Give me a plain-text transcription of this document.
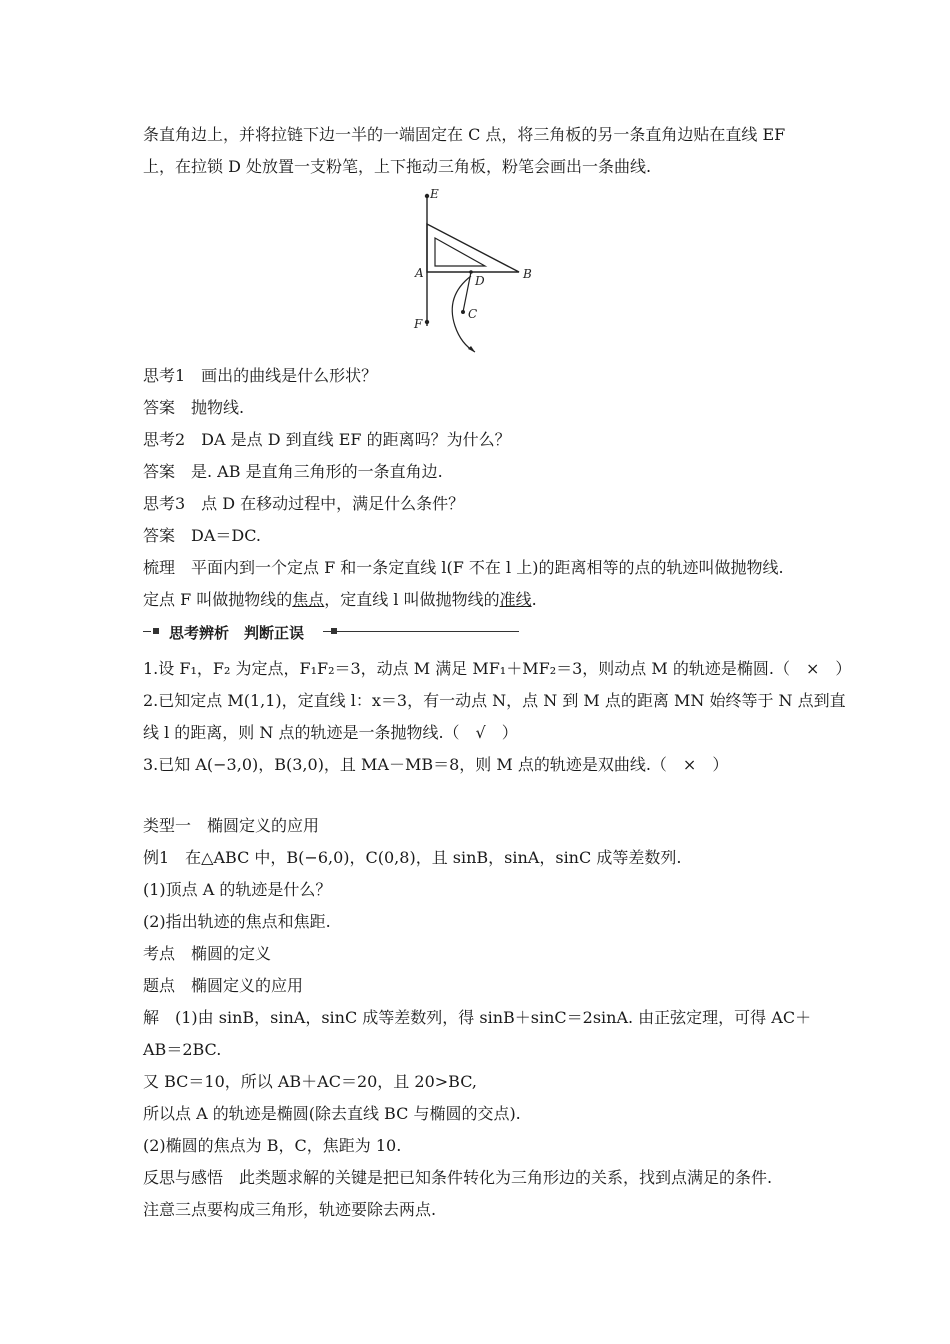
条直角边上，并将拉链下边一半的一端固定在 C 点，将三角板的另一条直角边贴在直线 EF
上，在拉锁 D 处放置一支粉笔，上下拖动三角板，粉笔会画出一条曲线.
E
A	B
D
C
F
思考1　画出的曲线是什么形状？
答案　抛物线.
思考2　DA 是点 D 到直线 EF 的距离吗？为什么？
答案　是. AB 是直角三角形的一条直角边.
思考3　点 D 在移动过程中，满足什么条件？
答案　DA＝DC.
梳理　平面内到一个定点 F 和一条定直线 l(F 不在 l 上)的距离相等的点的轨迹叫做抛物线.
定点 F 叫做抛物线的焦点，定直线 l 叫做抛物线的准线.
思考辨析　判断正误
1.设 F₁，F₂ 为定点，F₁F₂＝3，动点 M 满足 MF₁＋MF₂＝3，则动点 M 的轨迹是椭圆.（　×　）
2.已知定点 M(1,1)，定直线 l：x＝3，有一动点 N，点 N 到 M 点的距离 MN 始终等于 N 点到直
线 l 的距离，则 N 点的轨迹是一条抛物线.（　√　）
3.已知 A(−3,0)，B(3,0)，且 MA－MB＝8，则 M 点的轨迹是双曲线.（　×　）
类型一　椭圆定义的应用
例1　在△ABC 中，B(−6,0)，C(0,8)，且 sinB，sinA，sinC 成等差数列.
(1)顶点 A 的轨迹是什么？
(2)指出轨迹的焦点和焦距.
考点　椭圆的定义
题点　椭圆定义的应用
解　(1)由 sinB，sinA，sinC 成等差数列，得 sinB＋sinC＝2sinA. 由正弦定理，可得 AC＋
AB＝2BC.
又 BC＝10，所以 AB＋AC＝20，且 20>BC,
所以点 A 的轨迹是椭圆(除去直线 BC 与椭圆的交点).
(2)椭圆的焦点为 B，C，焦距为 10.
反思与感悟　此类题求解的关键是把已知条件转化为三角形边的关系，找到点满足的条件.
注意三点要构成三角形，轨迹要除去两点.
